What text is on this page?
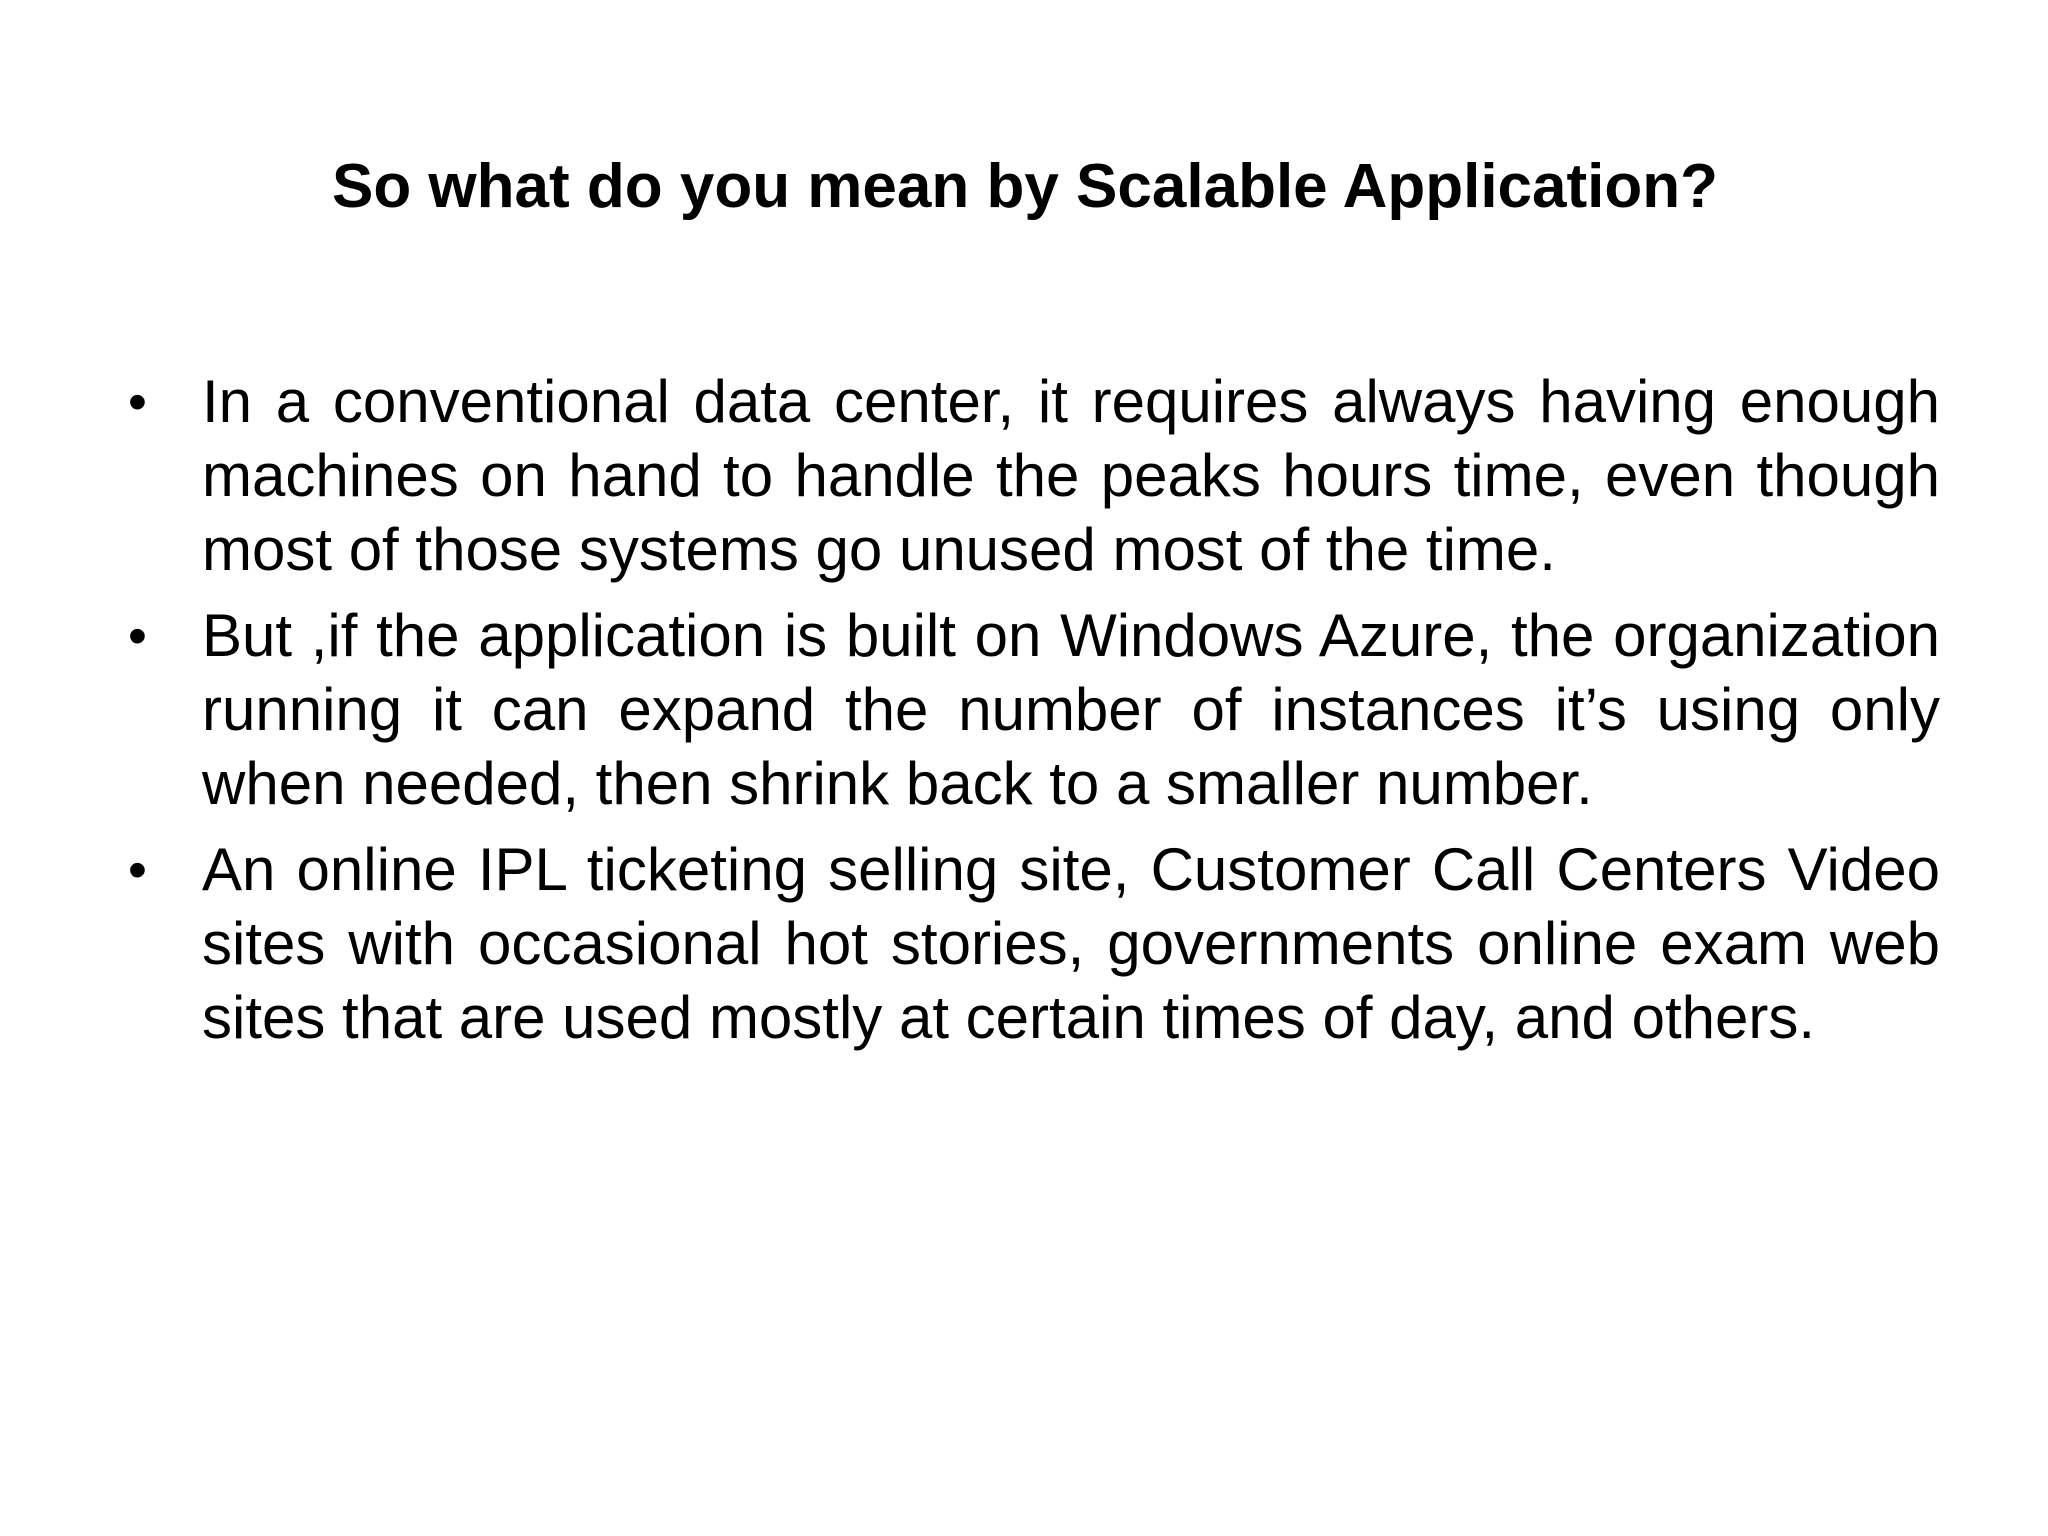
So what do you mean by Scalable Application?
• In a conventional data center, it requires always having enough machines on hand to handle the peaks hours time, even though most of those systems go unused most of the time.
• But ,if the application is built on Windows Azure, the organization running it can expand the number of instances it’s using only when needed, then shrink back to a smaller number.
• An online IPL ticketing selling site, Customer Call Centers Video sites with occasional hot stories, governments online exam web sites that are used mostly at certain times of day, and others.
